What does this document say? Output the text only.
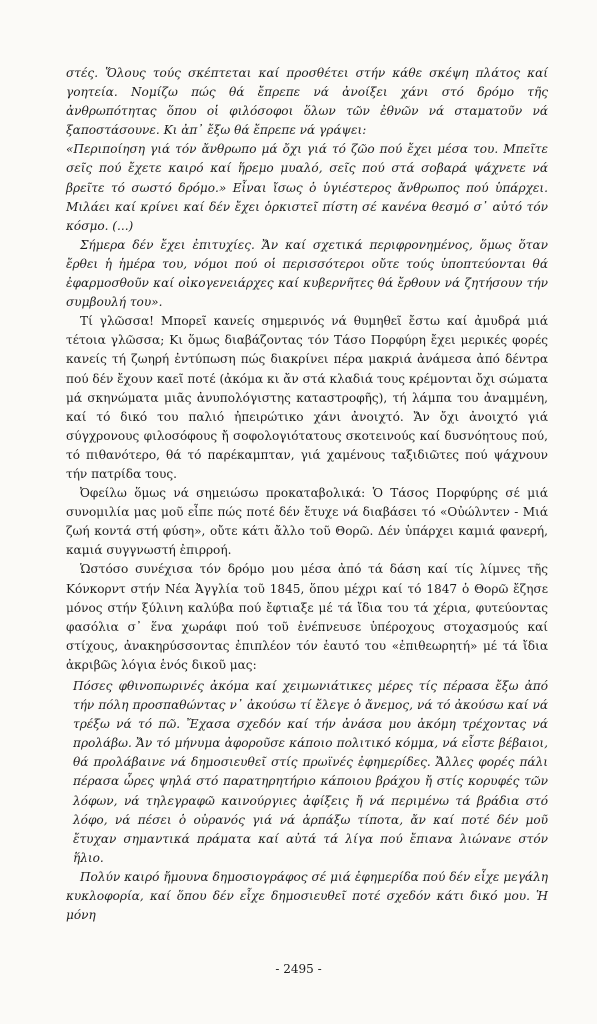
στές. Ὅλους τούς σκέπτεται καί προσθέτει στήν κάθε σκέψη πλάτος καί γοητεία. Νομίζω πώς θά ἔπρεπε νά ἀνοίξει χάνι στό δρόμο τῆς ἀνθρωπότητας ὅπου οἱ φιλόσοφοι ὅλων τῶν ἐθνῶν νά σταματοῦν νά ξαποστάσουνε. Κι ἀπ᾿ ἔξω θά ἔπρεπε νά γράψει:

«Περιποίηση γιά τόν ἄνθρωπο μά ὄχι γιά τό ζῶο πού ἔχει μέσα του. Μπεῖτε σεῖς πού ἔχετε καιρό καί ἥρεμο μυαλό, σεῖς πού στά σοβαρά ψάχνετε νά βρεῖτε τό σωστό δρόμο.» Εἶναι ἴσως ὁ ὑγιέστερος ἄνθρωπος πού ὑπάρχει. Μιλάει καί κρίνει καί δέν ἔχει ὁρκιστεῖ πίστη σέ κανένα θεσμό σ᾿ αὐτό τόν κόσμο. (...)

Σήμερα δέν ἔχει ἐπιτυχίες. Ἄν καί σχετικά περιφρονημένος, ὅμως ὅταν ἔρθει ἡ ἡμέρα του, νόμοι πού οἱ περισσότεροι οὔτε τούς ὑποπτεύονται θά ἐφαρμοσθοῦν καί οἰκογενειάρχες καί κυβερνῆτες θά ἔρθουν νά ζητήσουν τήν συμβουλή του».

Τί γλῶσσα! Μπορεῖ κανείς σημερινός νά θυμηθεῖ ἔστω καί ἀμυδρά μιά τέτοια γλῶσσα; Κι ὅμως διαβάζοντας τόν Τάσο Πορφύρη ἔχει μερικές φορές κανείς τή ζωηρή ἐντύπωση πώς διακρίνει πέρα μακριά ἀνάμεσα ἀπό δέντρα πού δέν ἔχουν καεῖ ποτέ (ἀκόμα κι ἄν στά κλαδιά τους κρέμονται ὄχι σώματα μά σκηνώματα μιᾶς ἀνυπολόγιστης καταστροφῆς), τή λάμπα του ἀναμμένη, καί τό δικό του παλιό ἠπειρώτικο χάνι ἀνοιχτό. Ἄν ὄχι ἀνοιχτό γιά σύγχρονους φιλοσόφους ἤ σοφολογιότατους σκοτεινούς καί δυσνόητους πού, τό πιθανότερο, θά τό παρέκαμπταν, γιά χαμένους ταξιδιῶτες πού ψάχνουν τήν πατρίδα τους.

Ὀφείλω ὅμως νά σημειώσω προκαταβολικά: Ὁ Τάσος Πορφύρης σέ μιά συνομιλία μας μοῦ εἶπε πώς ποτέ δέν ἔτυχε νά διαβάσει τό «Οὐώλντεν - Μιά ζωή κοντά στή φύση», οὔτε κάτι ἄλλο τοῦ Θορῶ. Δέν ὑπάρχει καμιά φανερή, καμιά συγγνωστή ἐπιρροή.

Ὡστόσο συνέχισα τόν δρόμο μου μέσα ἀπό τά δάση καί τίς λίμνες τῆς Κόνκορντ στήν Νέα Ἀγγλία τοῦ 1845, ὅπου μέχρι καί τό 1847 ὁ Θορῶ ἔζησε μόνος στήν ξύλινη καλύβα πού ἔφτιαξε μέ τά ἴδια του τά χέρια, φυτεύοντας φασόλια σ᾿ ἕνα χωράφι πού τοῦ ἐνέπνευσε ὑπέροχους στοχασμούς καί στίχους, ἀνακηρύσσοντας ἐπιπλέον τόν ἑαυτό του «ἐπιθεωρητή» μέ τά ἴδια ἀκριβῶς λόγια ἑνός δικοῦ μας:

Πόσες φθινοπωρινές ἀκόμα καί χειμωνιάτικες μέρες τίς πέρασα ἔξω ἀπό τήν πόλη προσπαθώντας ν᾿ ἀκούσω τί ἔλεγε ὁ ἄνεμος, νά τό ἀκούσω καί νά τρέξω νά τό πῶ. Ἔχασα σχεδόν καί τήν ἀνάσα μου ἀκόμη τρέχοντας νά προλάβω. Ἄν τό μήνυμα ἀφοροῦσε κάποιο πολιτικό κόμμα, νά εἶστε βέβαιοι, θά προλάβαινε νά δημοσιευθεῖ στίς πρωϊνές ἐφημερίδες. Ἄλλες φορές πάλι πέρασα ὧρες ψηλά στό παρατηρητήριο κάποιου βράχου ἤ στίς κορυφές τῶν λόφων, νά τηλεγραφῶ καινούργιες ἀφίξεις ἤ νά περιμένω τά βράδια στό λόφο, νά πέσει ὁ οὐρανός γιά νά ἁρπάξω τίποτα, ἄν καί ποτέ δέν μοῦ ἔτυχαν σημαντικά πράματα καί αὐτά τά λίγα πού ἔπιανα λιώνανε στόν ἥλιο.

Πολύν καιρό ἤμουνα δημοσιογράφος σέ μιά ἐφημερίδα πού δέν εἶχε μεγάλη κυκλοφορία, καί ὅπου δέν εἶχε δημοσιευθεῖ ποτέ σχεδόν κάτι δικό μου. Ἡ μόνη

- 2495 -
